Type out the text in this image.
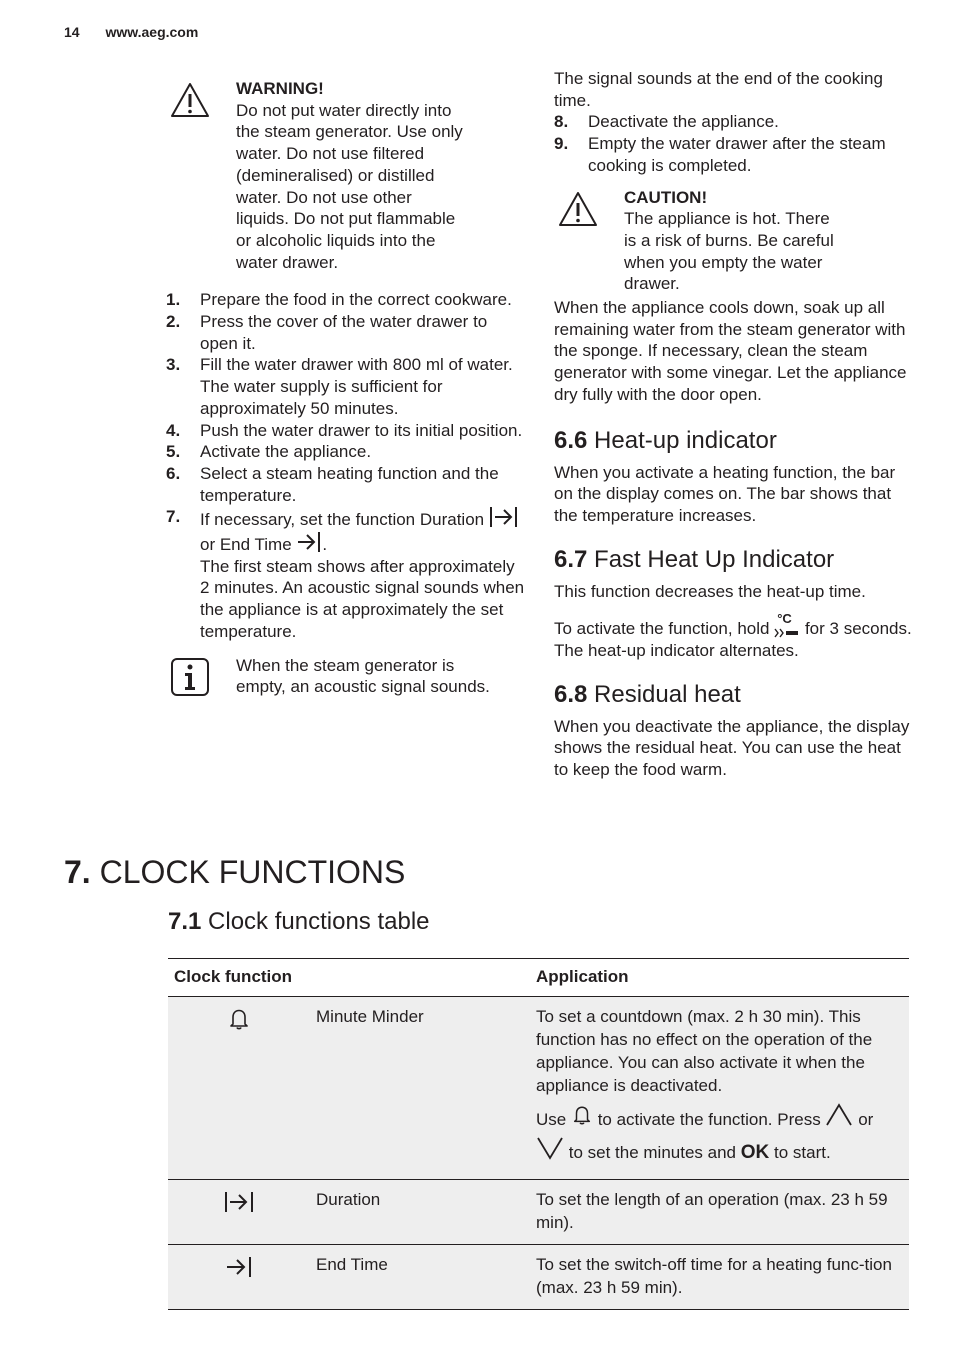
14 www.aeg.com
WARNING!
Do not put water directly into the steam generator. Use only water. Do not use filtered (demineralised) or distilled water. Do not use other liquids. Do not put flammable or alcoholic liquids into the water drawer.
1.	Prepare the food in the correct cookware.
2.	Press the cover of the water drawer to open it.
3.	Fill the water drawer with 800 ml of water.
The water supply is sufficient for approximately 50 minutes.
4.	Push the water drawer to its initial position.
5.	Activate the appliance.
6.	Select a steam heating function and the temperature.
7.	If necessary, set the function Duration  or End Time .
The first steam shows after approximately 2 minutes. An acoustic signal sounds when the appliance is at approximately the set temperature.
When the steam generator is empty, an acoustic signal sounds.

The signal sounds at the end of the cooking time.

8.	Deactivate the appliance.
9.	Empty the water drawer after the steam cooking is completed.
CAUTION!
The appliance is hot. There is a risk of burns. Be careful when you empty the water drawer.

When the appliance cools down, soak up all remaining water from the steam generator with the sponge. If necessary, clean the steam generator with some vinegar. Let the appliance dry fully with the door open.

6.6 Heat-up indicator

When you activate a heating function, the bar on the display comes on. The bar shows that the temperature increases.

6.7 Fast Heat Up Indicator

This function decreases the heat-up time.

To activate the function, hold
°C
for 3 seconds. The heat-up indicator alternates.

6.8 Residual heat

When you deactivate the appliance, the display shows the residual heat. You can use the heat to keep the food warm.

7. CLOCK FUNCTIONS
7.1 Clock functions table
Clock function		Application
	Minute Minder	To set a countdown (max. 2 h 30 min). This function has no effect on the operation of the appliance. You can also activate it when the appliance is deactivated.
Use to activate the function. Press or
to set the minutes and OK to start.

	Duration	To set the length of an operation (max. 23 h 59 min).
	End Time	To set the switch-off time for a heating func-tion (max. 23 h 59 min).
